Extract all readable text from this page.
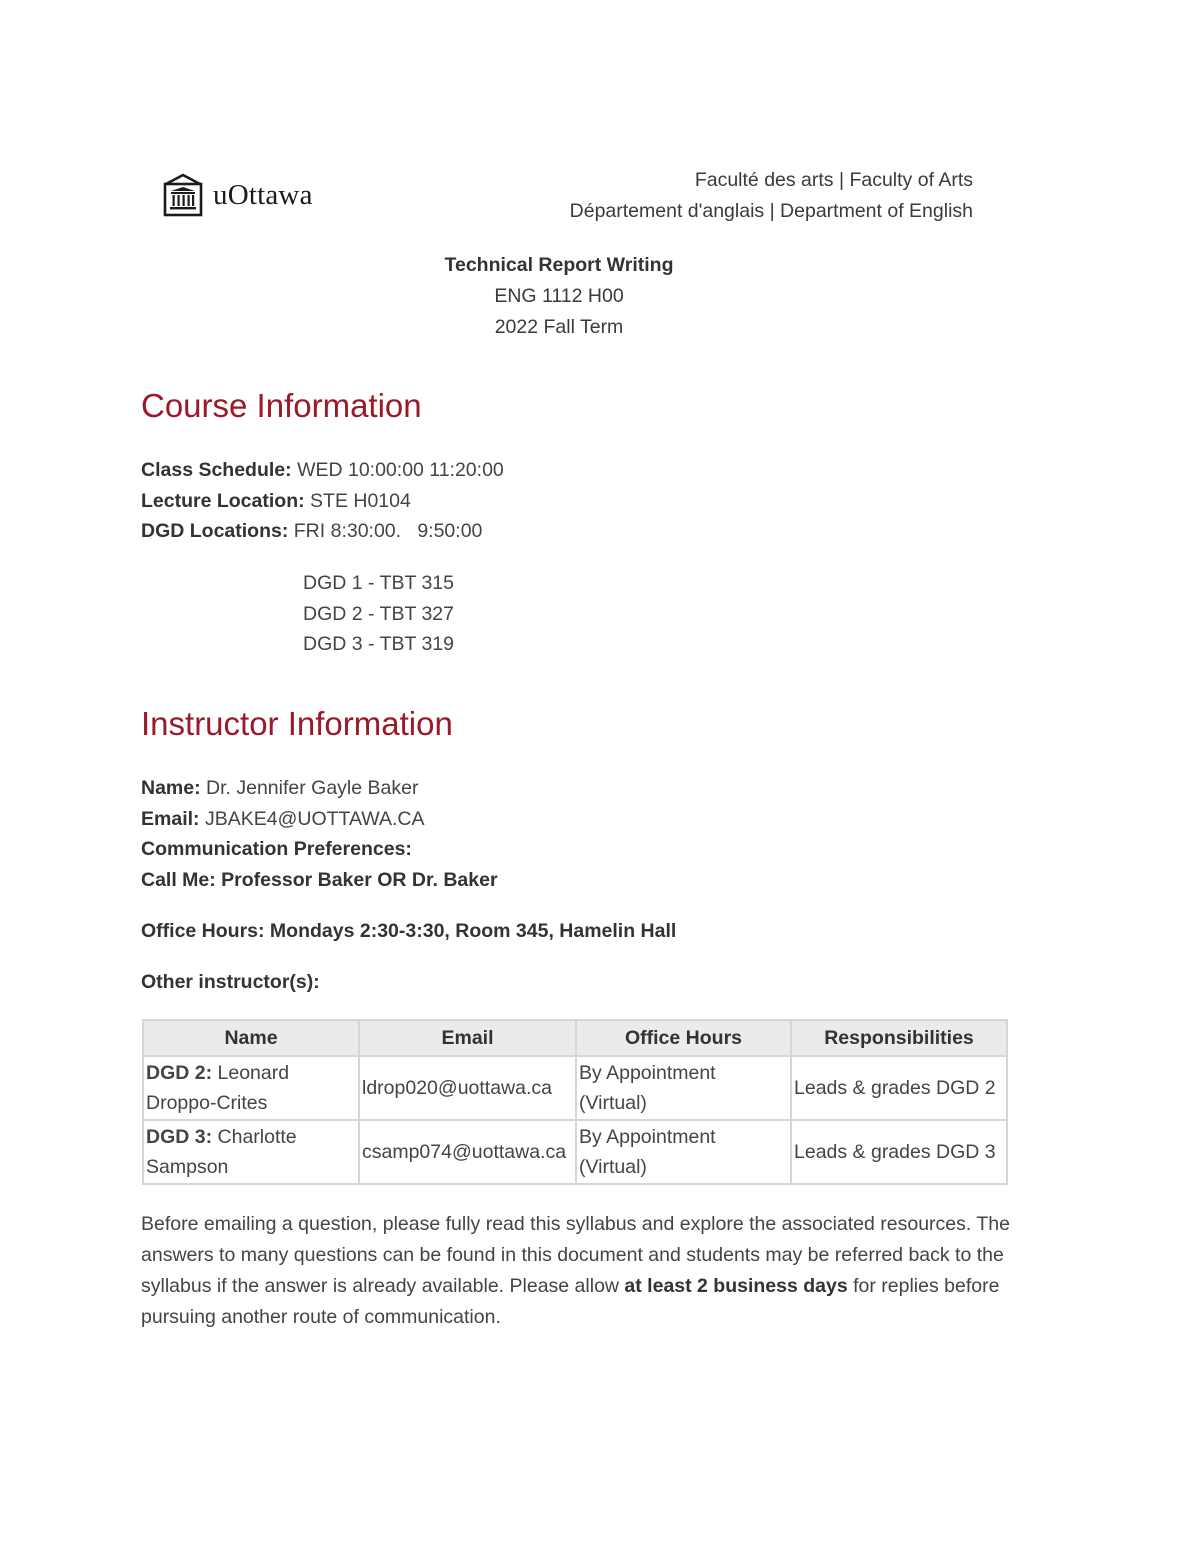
uOttawa	Faculté des arts | Faculty of Arts
Département d'anglais | Department of English
Technical Report Writing
ENG 1112 H00
2022 Fall Term
Course Information
Class Schedule: WED 10:00:00 11:20:00
Lecture Location: STE H0104
DGD Locations: FRI 8:30:00.   9:50:00
DGD 1 - TBT 315
DGD 2 - TBT 327
DGD 3 - TBT 319
Instructor Information
Name: Dr. Jennifer Gayle Baker
Email: JBAKE4@UOTTAWA.CA
Communication Preferences:
Call Me: Professor Baker OR Dr. Baker
Office Hours: Mondays 2:30-3:30, Room 345, Hamelin Hall
Other instructor(s):
Name	Email	Office Hours	Responsibilities
DGD 2: Leonard Droppo-Crites	ldrop020@uottawa.ca	By Appointment (Virtual)	Leads & grades DGD 2
DGD 3: Charlotte Sampson	csamp074@uottawa.ca	By Appointment (Virtual)	Leads & grades DGD 3

Before emailing a question, please fully read this syllabus and explore the associated resources. The answers to many questions can be found in this document and students may be referred back to the syllabus if the answer is already available. Please allow at least 2 business days for replies before pursuing another route of communication.
